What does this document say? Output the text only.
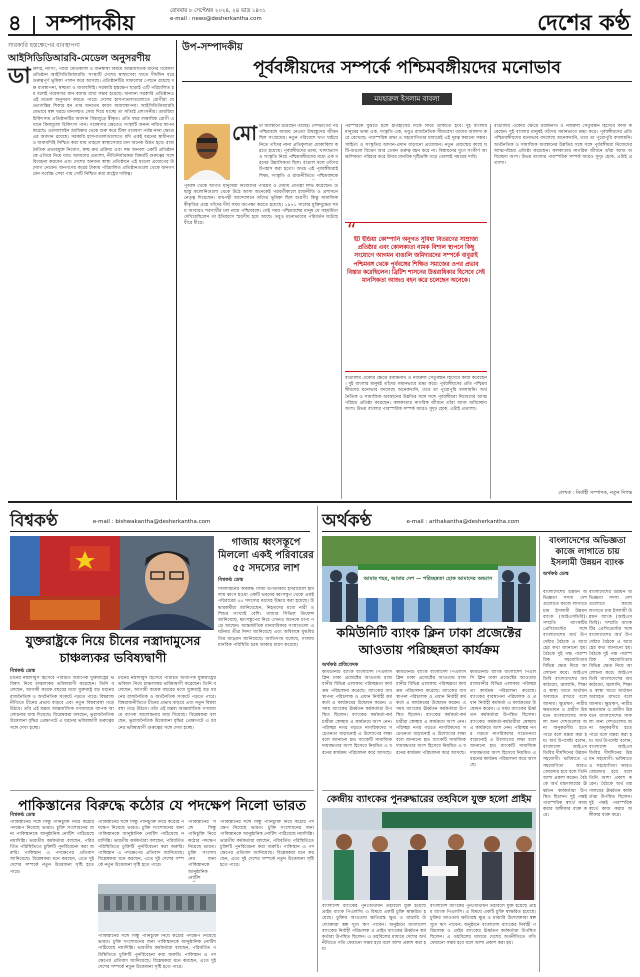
৪ সম্পাদকীয়	রোববার ৮ সেপ্টেম্বর ২০২৪, ২৪ ভাদ্র ১৪৩১
e-mail : news@desherkantha.com	দেশের কণ্ঠ
সারকারি হস্তক্ষেপের ব্যবস্থাপনা
আইসিডিডিআরবি-মেডেল অনুসরণীয়
ডা ক্তারি, নার্সিং, প্যারা মেডিক্যাল ও জনস্বাস্থ্য বিষয়ে আন্তর্জাতিক মানের গবেষণা প্রতিষ্ঠান আইসিডিডিআরবি। সংস্থাটি দেশের স্বাস্থ্যসেবা খাতে দীর্ঘদিন ধরে গুরুত্বপূর্ণ ভূমিকা পালন করে আসছে। প্রতিষ্ঠানটির সাফল্যের পেছনে রয়েছে দক্ষ ব্যবস্থাপনা, স্বচ্ছতা ও জবাবদিহি। সরকারি হস্তক্ষেপ ছাড়াই এটি পরিচালিত হয় বলেই গবেষণার মান বজায় রাখা সম্ভব হয়েছে। অন্যান্য সরকারি প্রতিষ্ঠানও এই মডেল অনুসরণ করতে পারে। দেশের হাসপাতালগুলোতে রোগীরা যে ভোগান্তির শিকার হন তার অন্যতম কারণ অব্যবস্থাপনা। আইসিডিডিআরবি যেভাবে স্বল্প খরচে মানসম্মত সেবা দিয়ে যাচ্ছে তা সত্যিই প্রশংসনীয়। ডায়রিয়া চিকিৎসায় প্রতিষ্ঠানটির অবদান বিশ্বজুড়ে স্বীকৃত। প্রতি বছর লক্ষাধিক রোগী এখানে বিনামূল্যে চিকিৎসা পান। গবেষণার ক্ষেত্রেও সংস্থাটি অনন্য নজির স্থাপন করেছে। ওরস্যালাইন আবিষ্কার থেকে শুরু করে টিকা গবেষণা পর্যন্ত নানা ক্ষেত্রে এর অবদান রয়েছে। সরকারি হাসপাতালগুলোতে যদি একই ধরনের স্বাধীনতা ও জবাবদিহি নিশ্চিত করা যায় তাহলে স্বাস্থ্যসেবার মান অনেক উন্নত হবে। রাজনৈতিক প্রভাবমুক্ত নিয়োগ, স্বচ্ছ ক্রয় প্রক্রিয়া এবং দক্ষ জনবল একটি প্রতিষ্ঠানকে এগিয়ে নিয়ে যায়। আমাদের প্রত্যাশা, নীতিনির্ধারকরা বিষয়টি গুরুত্বের সঙ্গে বিবেচনা করবেন এবং দেশের অন্যান্য স্বাস্থ্য প্রতিষ্ঠানে এই মডেল প্রয়োগের উদ্যোগ নেবেন। জনগণের করের টাকায় পরিচালিত প্রতিষ্ঠানগুলো থেকে জনগণ যেন সর্বোচ্চ সেবা পায় সেটি নিশ্চিত করা রাষ্ট্রের দায়িত্ব।
উপ-সম্পাদকীয়
পূর্ববঙ্গীয়দের সম্পর্কে পশ্চিমবঙ্গীয়দের মনোভাব
মযহারুল ইসলাম বাবলা
মো টা অবস্থানে রয়েছেন তাঁরাই। দেশভাগের পর পশ্চিমবঙ্গে আশ্রয় নেওয়া উদ্বাস্তুদের জীবন ছিল সংগ্রামের। নতুন পরিবেশে খাপ খাইয়ে নিতে তাঁদের নানা প্রতিকূলতা মোকাবিলা করতে হয়েছে। পূর্ববঙ্গীয়দের ভাষা, খাদ্যাভ্যাস ও সংস্কৃতি নিয়ে পশ্চিমবঙ্গীয়দের মধ্যে এক ধরনের উন্নাসিকতা ছিল। বাঙাল বলে তাঁদের উপহাস করা হতো। অথচ এই পূর্ববঙ্গীয়রাই শিক্ষা, সংস্কৃতি ও রাজনীতিতে পশ্চিমবঙ্গকে
পূর্ববঙ্গ থেকে আগত মানুষেরা নিজেদের পরিশ্রম ও মেধায় প্রতিষ্ঠা লাভ করেছেন। উদ্বাস্তু কলোনিগুলো থেকে উঠে আসা অনেকেই পরবর্তীকালে রাজনীতি ও প্রশাসনে নেতৃত্ব দিয়েছেন। বামপন্থী আন্দোলনে তাঁদের ভূমিকা ছিল অগ্রণী। কিন্তু সামাজিক স্বীকৃতির প্রশ্নে তাঁদের দীর্ঘ সময় অপেক্ষা করতে হয়েছে। ১৯৭১ সালের মুক্তিযুদ্ধের সময় আবারও শরণার্থীর ঢল নামে পশ্চিমবঙ্গে। সেই সময় পশ্চিমবঙ্গের মানুষ যে সহমর্মিতা দেখিয়েছিলেন তা ইতিহাসে স্মরণীয় হয়ে আছে। তবুও মনোভাবের পরিবর্তন ঘটেছে ধীরে ধীরে।
পরস্পরকে বুঝতে হলে ইতিহাসের দিকে ফিরে তাকাতে হবে। দুই বাংলার মানুষের ভাষা এক, সংস্কৃতি এক, তবুও রাজনৈতিক সীমারেখা তাদের আলাদা করে রেখেছে। পারস্পরিক শ্রদ্ধা ও সহযোগিতার মাধ্যমেই এই দূরত্ব কমানো সম্ভব। সাহিত্য ও সংস্কৃতির আদান-প্রদান বাড়ানো প্রয়োজন। নতুন প্রজন্মের কাছে ঘটি-বাঙাল বিভেদ আর তেমন গুরুত্ব বহন করে না। বিশ্বায়নের যুগে সংকীর্ণ আঞ্চলিকতা পরিহার করে উদার মানবিক দৃষ্টিভঙ্গি গড়ে তোলাই সময়ের দাবি।
“
ইট ইন্ডিয়া কোম্পানি অনুগত সুবিধা বিতরণের সাম্রাজ্য প্রতিষ্ঠার এবং কোলকাতা নামক বিশাল স্থাপনে কিছু সংযোগে আগমন বাঙালি জমিদারদের সম্পর্কে বাবুরাই পশ্চিমবঙ্গ থেকে পূর্ববঙ্গের শিক্ষিত সমাজের ওপর প্রভাব বিস্তার করেছিলেন। ব্রিটিশ শাসনের উত্তরাধিকার হিসেবে সেই মানসিকতা আজও বহন করে চলেছেন অনেকে।
বাঙালির ঐক্যের ক্ষেত্রে রবীন্দ্রনাথ ও নজরুল সেতুবন্ধন হিসেবে কাজ করেছেন। দুই বাংলার মানুষই তাঁদের সমানভাবে শ্রদ্ধা করে। পূর্ববঙ্গীয়দের প্রতি পশ্চিমবঙ্গীয়দের মনোভাব বদলেছে অনেকখানি, তবে তা পুরোপুরি বদলায়নি। অর্থনৈতিক ও সামাজিক অবস্থানের উন্নতির সঙ্গে সঙ্গে পূর্ববঙ্গীয়রা নিজেদের আত্মপরিচয় প্রতিষ্ঠা করেছেন। কলকাতার নাগরিক জীবনে তাঁরা আজ অবিচ্ছেদ্য অংশ। উভয় বাংলার পারস্পরিক সম্পর্ক আরও সুদৃঢ় হোক, এটাই প্রত্যাশা।
বাঙালির ঐক্যের ক্ষেত্রে রবীন্দ্রনাথ ও নজরুল সেতুবন্ধন হিসেবে কাজ করেছেন। দুই বাংলার মানুষই তাঁদের সমানভাবে শ্রদ্ধা করে। পূর্ববঙ্গীয়দের প্রতি পশ্চিমবঙ্গীয়দের মনোভাব বদলেছে অনেকখানি, তবে তা পুরোপুরি বদলায়নি। অর্থনৈতিক ও সামাজিক অবস্থানের উন্নতির সঙ্গে সঙ্গে পূর্ববঙ্গীয়রা নিজেদের আত্মপরিচয় প্রতিষ্ঠা করেছেন। কলকাতার নাগরিক জীবনে তাঁরা আজ অবিচ্ছেদ্য অংশ। উভয় বাংলার পারস্পরিক সম্পর্ক আরও সুদৃঢ় হোক, এটাই প্রত্যাশা।
লেখক : নির্বাহী সম্পাদক, নতুন দিগন্ত
বিশ্বকণ্ঠ	e-mail : bishwakantha@desherkantha.com
গাজায় ধ্বংসস্তূপে মিললো একই পরিবারের ৫৫ সদস্যের লাশ
বিশ্বকণ্ঠ ডেস্ক
ফিলিস্তিনের অবরুদ্ধ গাজা উপত্যকায় ইসরায়েলি হামলায় ধ্বংস হওয়া একটি ভবনের ধ্বংসস্তূপ থেকে একই পরিবারের ৫৫ সদস্যের মরদেহ উদ্ধার করা হয়েছে। উদ্ধারকর্মীরা জানিয়েছেন, নিহতদের মধ্যে নারী ও শিশুর সংখ্যাই বেশি। গাজার সিভিল ডিফেন্স জানিয়েছে, ধ্বংসস্তূপের নিচে এখনও অনেকে চাপা পড়ে আছেন। আন্তর্জাতিক মানবাধিকার সংস্থাগুলো এ ঘটনার তীব্র নিন্দা জানিয়েছে এবং অবিলম্বে যুদ্ধবিরতির আহ্বান জানিয়েছে। জাতিসংঘ বলেছে, গাজায় মানবিক পরিস্থিতি চরম আকার ধারণ করেছে।
যুক্তরাষ্ট্রকে নিয়ে চীনের নস্ত্রাদামুসের চাঞ্চল্যকর ভবিষ্যদ্বাণী
বিশ্বকণ্ঠ ডেস্ক
চীনের নস্ত্রাদামুস হিসেবে পরিচিত অধ্যাপক যুক্তরাষ্ট্রের ভবিষ্যৎ নিয়ে চাঞ্চল্যকর ভবিষ্যদ্বাণী করেছেন। তিনি বলেছেন, আগামী কয়েক বছরের মধ্যে যুক্তরাষ্ট্র বড় ধরনের রাজনৈতিক ও অর্থনৈতিক সংকটে পড়তে পারে। বিশ্বরাজনীতিতে চীনের প্রভাব বাড়বে এবং নতুন বিশ্বব্যবস্থা গড়ে উঠবে। তাঁর এই মন্তব্য আন্তর্জাতিক গণমাধ্যমে ব্যাপক আলোচনার জন্ম দিয়েছে। বিশ্লেষকরা বলছেন, ভূরাজনৈতিক উত্তেজনা বৃদ্ধির প্রেক্ষাপটে এ ধরনের ভবিষ্যদ্বাণী গুরুত্বের সঙ্গে দেখা হচ্ছে।
চীনের নস্ত্রাদামুস হিসেবে পরিচিত অধ্যাপক যুক্তরাষ্ট্রের ভবিষ্যৎ নিয়ে চাঞ্চল্যকর ভবিষ্যদ্বাণী করেছেন। তিনি বলেছেন, আগামী কয়েক বছরের মধ্যে যুক্তরাষ্ট্র বড় ধরনের রাজনৈতিক ও অর্থনৈতিক সংকটে পড়তে পারে। বিশ্বরাজনীতিতে চীনের প্রভাব বাড়বে এবং নতুন বিশ্বব্যবস্থা গড়ে উঠবে। তাঁর এই মন্তব্য আন্তর্জাতিক গণমাধ্যমে ব্যাপক আলোচনার জন্ম দিয়েছে। বিশ্লেষকরা বলছেন, ভূরাজনৈতিক উত্তেজনা বৃদ্ধির প্রেক্ষাপটে এ ধরনের ভবিষ্যদ্বাণী গুরুত্বের সঙ্গে দেখা হচ্ছে।
পাকিস্তানের বিরুদ্ধে কঠোর যে পদক্ষেপ নিলো ভারত
বিশ্বকণ্ঠ ডেস্ক
পাকিস্তানের সঙ্গে সিন্ধু পানিচুক্তি নিয়ে কঠোর পদক্ষেপ নিয়েছে ভারত। চুক্তি সংশোধনের জন্য পাকিস্তানকে আনুষ্ঠানিক নোটিশ পাঠিয়েছে নয়াদিল্লি। ভারতীয় কর্মকর্তারা বলছেন, পরিবর্তিত পরিস্থিতিতে চুক্তিটি পুনর্বিবেচনা করা জরুরি। পাকিস্তান এ পদক্ষেপের প্রতিবাদ জানিয়েছে। বিশ্লেষকরা মনে করছেন, এতে দুই দেশের সম্পর্কে নতুন উত্তেজনা সৃষ্টি হতে পারে।
পাকিস্তানের সঙ্গে সিন্ধু পানিচুক্তি নিয়ে কঠোর পদক্ষেপ নিয়েছে ভারত। চুক্তি সংশোধনের জন্য পাকিস্তানকে আনুষ্ঠানিক নোটিশ পাঠিয়েছে নয়াদিল্লি। ভারতীয় কর্মকর্তারা বলছেন, পরিবর্তিত পরিস্থিতিতে চুক্তিটি পুনর্বিবেচনা করা জরুরি। পাকিস্তান এ পদক্ষেপের প্রতিবাদ জানিয়েছে। বিশ্লেষকরা মনে করছেন, এতে দুই দেশের সম্পর্কে নতুন উত্তেজনা সৃষ্টি হতে পারে।
পাকিস্তানের সঙ্গে সিন্ধু পানিচুক্তি নিয়ে কঠোর পদক্ষেপ নিয়েছে ভারত। চুক্তি সংশোধনের জন্য পাকিস্তানকে আনুষ্ঠানিক নোটিশ পাঠিয়েছে নয়াদিল্লি। ভারতীয় কর্মকর্তারা বলছেন, পরিবর্তিত পরিস্থিতিতে চুক্তিটি পুনর্বিবেচনা করা জরুরি। পাকিস্তান এ পদক্ষেপের প্রতিবাদ জানিয়েছে। বিশ্লেষকরা মনে করছেন, এতে দুই দেশের সম্পর্কে নতুন উত্তেজনা সৃষ্টি হতে পারে।
পাকিস্তানের সঙ্গে সিন্ধু পানিচুক্তি নিয়ে কঠোর পদক্ষেপ নিয়েছে ভারত। চুক্তি সংশোধনের জন্য পাকিস্তানকে আনুষ্ঠানিক নোটিশ পাঠিয়েছে নয়াদিল্লি। ভারতীয় কর্মকর্তারা বলছেন, পরিবর্তিত পরিস্থিতিতে চুক্তিটি পুনর্বিবেচনা করা জরুরি। পাকিস্তান এ পদক্ষেপের প্রতিবাদ জানিয়েছে। বিশ্লেষকরা মনে করছেন, এতে দুই দেশের সম্পর্কে নতুন উত্তেজনা সৃষ্টি হতে পারে।
পাকিস্তানের সঙ্গে সিন্ধু পানিচুক্তি নিয়ে কঠোর পদক্ষেপ নিয়েছে ভারত। চুক্তি সংশোধনের জন্য পাকিস্তানকে আনুষ্ঠানিক নোটিশ
অর্থকণ্ঠ	e-mail : arthakantha@desherkantha.com
আমার শহর, আমার দেশ — পরিচ্ছন্নতা হোক আমাদের অভ্যাস
কমিউনিটি ব্যাংক ক্লিন ঢাকা প্রজেক্টের আওতায় পরিচ্ছন্নতা কার্যক্রম
অর্থকণ্ঠ প্রতিবেদক
কমিউনিটি ব্যাংক বাংলাদেশ পিএলসি ক্লিন ঢাকা প্রজেক্টের আওতায় রাজধানীর বিভিন্ন এলাকায় পরিচ্ছন্নতা কার্যক্রম পরিচালনা করেছে। ব্যাংকের ব্যবস্থাপনা পরিচালক ও প্রধান নির্বাহী কর্মকর্তা এ কার্যক্রমের উদ্বোধন করেন। এ সময় ব্যাংকের ঊর্ধ্বতন কর্মকর্তারা উপস্থিত ছিলেন। ব্যাংকের কর্মকর্তা-কর্মচারীরা স্বেচ্ছায় এ কার্যক্রমে অংশ নেন। পরিচ্ছন্ন নগর গড়তে নাগরিকদের সচেতনতা বাড়ানোই এ উদ্যোগের লক্ষ্য বলে জানানো হয়। ব্যাংকটি সামাজিক দায়বদ্ধতার অংশ হিসেবে নিয়মিত এ ধরনের কার্যক্রম পরিচালনা করে আসছে।
কমিউনিটি ব্যাংক বাংলাদেশ পিএলসি ক্লিন ঢাকা প্রজেক্টের আওতায় রাজধানীর বিভিন্ন এলাকায় পরিচ্ছন্নতা কার্যক্রম পরিচালনা করেছে। ব্যাংকের ব্যবস্থাপনা পরিচালক ও প্রধান নির্বাহী কর্মকর্তা এ কার্যক্রমের উদ্বোধন করেন। এ সময় ব্যাংকের ঊর্ধ্বতন কর্মকর্তারা উপস্থিত ছিলেন। ব্যাংকের কর্মকর্তা-কর্মচারীরা স্বেচ্ছায় এ কার্যক্রমে অংশ নেন। পরিচ্ছন্ন নগর গড়তে নাগরিকদের সচেতনতা বাড়ানোই এ উদ্যোগের লক্ষ্য বলে জানানো হয়। ব্যাংকটি সামাজিক দায়বদ্ধতার অংশ হিসেবে নিয়মিত এ ধরনের কার্যক্রম পরিচালনা করে আসছে।
কমিউনিটি ব্যাংক বাংলাদেশ পিএলসি ক্লিন ঢাকা প্রজেক্টের আওতায় রাজধানীর বিভিন্ন এলাকায় পরিচ্ছন্নতা কার্যক্রম পরিচালনা করেছে। ব্যাংকের ব্যবস্থাপনা পরিচালক ও প্রধান নির্বাহী কর্মকর্তা এ কার্যক্রমের উদ্বোধন করেন। এ সময় ব্যাংকের ঊর্ধ্বতন কর্মকর্তারা উপস্থিত ছিলেন। ব্যাংকের কর্মকর্তা-কর্মচারীরা স্বেচ্ছায় এ কার্যক্রমে অংশ নেন। পরিচ্ছন্ন নগর গড়তে নাগরিকদের সচেতনতা বাড়ানোই এ উদ্যোগের লক্ষ্য বলে জানানো হয়। ব্যাংকটি সামাজিক দায়বদ্ধতার অংশ হিসেবে নিয়মিত এ ধরনের কার্যক্রম পরিচালনা করে আসছে।
কেন্দ্রীয় ব্যাংকের পুনরুদ্ধারের তহবিলে যুক্ত হলো প্রাইম
বাংলাদেশ ব্যাংকের পুনঃঅর্থায়ন তহবিলে যুক্ত হয়েছে প্রাইম ব্যাংক পিএলসি। এ বিষয়ে একটি চুক্তি স্বাক্ষরিত হয়েছে। চুক্তির আওতায় ক্ষতিগ্রস্ত ক্ষুদ্র ও মাঝারি উদ্যোক্তারা স্বল্প সুদে ঋণ পাবেন। অনুষ্ঠানে বাংলাদেশ ব্যাংকের নির্বাহী পরিচালক ও প্রাইম ব্যাংকের ঊর্ধ্বতন কর্মকর্তারা উপস্থিত ছিলেন। এ তহবিলের মাধ্যমে দেশের অর্থনীতিতে গতি ফেরানো সম্ভব হবে বলে আশা প্রকাশ করা হয়।
বাংলাদেশ ব্যাংকের পুনঃঅর্থায়ন তহবিলে যুক্ত হয়েছে প্রাইম ব্যাংক পিএলসি। এ বিষয়ে একটি চুক্তি স্বাক্ষরিত হয়েছে। চুক্তির আওতায় ক্ষতিগ্রস্ত ক্ষুদ্র ও মাঝারি উদ্যোক্তারা স্বল্প সুদে ঋণ পাবেন। অনুষ্ঠানে বাংলাদেশ ব্যাংকের নির্বাহী পরিচালক ও প্রাইম ব্যাংকের ঊর্ধ্বতন কর্মকর্তারা উপস্থিত ছিলেন। এ তহবিলের মাধ্যমে দেশের অর্থনীতিতে গতি ফেরানো সম্ভব হবে বলে আশা প্রকাশ করা হয়।
বাংলাদেশের অভিজ্ঞতা কাজে লাগাতে চায় ইসলামী উন্নয়ন ব্যাংক
অর্থকণ্ঠ ডেস্ক
বাংলাদেশের উন্নয়ন অভিজ্ঞতা সদস্য দেশগুলোতে কাজে লাগাতে চায় ইসলামী উন্নয়ন ব্যাংক (আইএসডিবি)। সম্প্রতি ব্যাংকটির প্রেসিডেন্টের সঙ্গে বাংলাদেশের অর্থ উপদেষ্টার বৈঠকে এ আগ্রহের কথা জানানো হয়। বৈঠকে দুই পক্ষ পারস্পরিক সহযোগিতার বিভিন্ন ক্ষেত্র নিয়ে আলোচনা করে। আইএসডিবি বাংলাদেশের অবকাঠামো, জ্বালানি, শিক্ষা ও স্বাস্থ্য খাতে অর্থায়ন অব্যাহত রাখবে বলে জানায়। ক্ষুদ্রঋণ, নারীর ক্ষমতায়ন ও গ্রামীণ উন্নয়নে বাংলাদেশের সাফল্য অন্য দেশগুলোর জন্য অনুকরণীয় হতে পারে বলে মন্তব্য করা হয়। অর্থ উপদেষ্টা বলেন, বাংলাদেশ আইএসডিবির দীর্ঘদিনের উন্নয়ন সহযোগী। ভবিষ্যতে এ সহযোগিতা আরও জোরদার হবে বলে তিনি আশা প্রকাশ করেন। বৈঠকে অর্থ মন্ত্রণালয়ের ঊর্ধ্বতন কর্মকর্তারা উপস্থিত ছিলেন। দুই পক্ষই পারস্পরিক স্বার্থে কাজ করার অঙ্গীকার ব্যক্ত করে।
বাংলাদেশের উন্নয়ন অভিজ্ঞতা সদস্য দেশগুলোতে কাজে লাগাতে চায় ইসলামী উন্নয়ন ব্যাংক (আইএসডিবি)। সম্প্রতি ব্যাংকটির প্রেসিডেন্টের সঙ্গে বাংলাদেশের অর্থ উপদেষ্টার বৈঠকে এ আগ্রহের কথা জানানো হয়। বৈঠকে দুই পক্ষ পারস্পরিক সহযোগিতার বিভিন্ন ক্ষেত্র নিয়ে আলোচনা করে। আইএসডিবি বাংলাদেশের অবকাঠামো, জ্বালানি, শিক্ষা ও স্বাস্থ্য খাতে অর্থায়ন অব্যাহত রাখবে বলে জানায়। ক্ষুদ্রঋণ, নারীর ক্ষমতায়ন ও গ্রামীণ উন্নয়নে বাংলাদেশের সাফল্য অন্য দেশগুলোর জন্য অনুকরণীয় হতে পারে বলে মন্তব্য করা হয়। অর্থ উপদেষ্টা বলেন, বাংলাদেশ আইএসডিবির দীর্ঘদিনের উন্নয়ন সহযোগী। ভবিষ্যতে এ সহযোগিতা আরও জোরদার হবে বলে তিনি আশা প্রকাশ করেন। বৈঠকে অর্থ মন্ত্রণালয়ের ঊর্ধ্বতন কর্মকর্তারা উপস্থিত ছিলেন। দুই পক্ষই পারস্পরিক স্বার্থে কাজ করার অঙ্গীকার ব্যক্ত করে।
